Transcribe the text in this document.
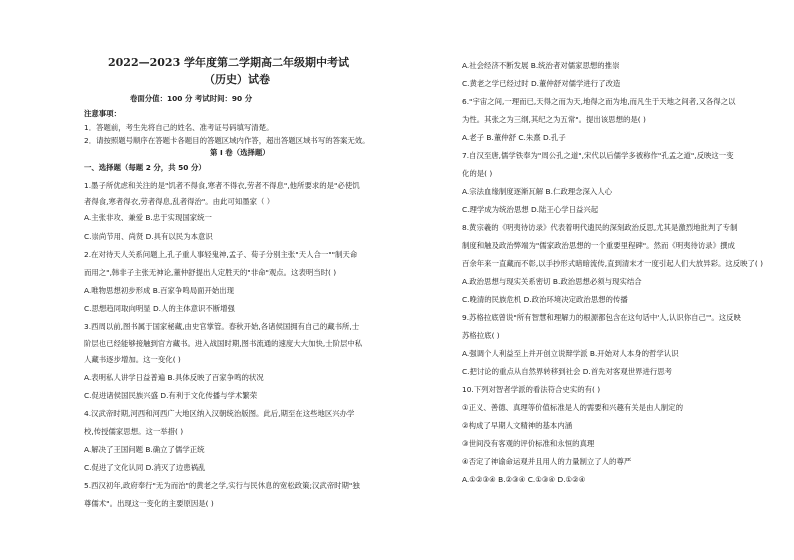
2022—2023 学年度第二学期高二年级期中考试
（历史）试卷
卷面分值：100 分 考试时间：90 分
注意事项：
1．答题前，考生先将自己的姓名、准考证号码填写清楚。
2．请按照题号顺序在答题卡各题目的答题区域内作答，超出答题区域书写的答案无效。
第 I 卷（选择题）
一、选择题（每题 2 分，共 50 分）
1.墨子所优虑和关注的是"饥者不得食,寒者不得衣,劳者不得息",他所要求的是"必使饥
者得食,寒者得衣,劳者得息,乱者得治"。由此可知墨家（ ）
A.主张非攻、兼爱 B.忠于实现国家统一
C.崇尚节用、尚贤 D.具有以民为本意识
2.在对待天人关系问题上,孔子重人事轻鬼神,孟子、荀子分别主张"天人合一""制天命
而用之",韩非子主张无神论,董仲舒提出人定胜天的"非命"观点。这表明当时( )
A.唯物思想初步形成 B.百家争鸣局面开始出现
C.思想趋同取向明显 D.人的主体意识不断增强
3.西周以前,图书属于国家秘藏,由史官掌管。春秋开始,各诸侯国拥有自己的藏书所,士
阶层也已经能够接触到官方藏书。进入战国时期,图书流通的速度大大加快,士阶层中私
人藏书逐步增加。这一变化( )
A.表明私人讲学日益普遍 B.具体反映了百家争鸣的状况
C.促进诸侯国民族兴盛 D.有利于文化传播与学术繁荣
4.汉武帝时期,河西和河西广大地区纳入汉朝统治版图。此后,期至在这些地区兴办学
校,传授儒家思想。这一举措( )
A.解决了王国问题 B.确立了儒学正统
C.促进了文化认同 D.消灭了边患祸乱
5.西汉初年,政府奉行"无为而治"的黄老之学,实行与民休息的宽松政策;汉武帝时期"独
尊儒术"。出现这一变化的主要原因是( )
A.社会经济不断发展 B.统治者对儒家思想的推崇
C.黄老之学已经过时 D.董仲舒对儒学进行了改造
6."宇宙之间,一理而已,天得之而为天,地得之而为地,而凡生于天地之间者,又各得之以
为性。其张之为三纲,其纪之为五常"。提出该思想的是( )
A.老子 B.董仲舒 C.朱熹 D.孔子
7.自汉至唐,儒学铁奉为"周公孔之道",宋代以后儒学多被称作"孔孟之道",反映这一变
化的是( )
A.宗法血缘制度逐渐瓦解 B.仁政理念深入人心
C.理学成为统治思想 D.陆王心学日益兴起
8.黄宗羲的《明夷待访录》代表着明代遗民的深刻政治反思,尤其是激烈地批判了专制
制度和触及政治弊端为"儒家政治思想的一个重要里程碑"。然而《明夷待访录》撰成
百余年来一直藏而不彰,以手抄形式暗暗流传,直到清末才一度引起人们大放异彩。这反映了( )
A.政治思想与现实关系密切 B.政治思想必须与现实结合
C.晚清的民族危机 D.政治环境决定政治思想的传播
9.苏格拉底曾说"所有智慧和理解力的根源都包含在这句话中'人,认识你自己'"。这反映
苏格拉底( )
A.强调个人利益至上并开创立说辩学派 B.开始对人本身的哲学认识
C.把讨论的重点从自然界转移到社会 D.首先对客观世界进行思考
10.下列对智者学派的看法符合史实的有( )
①正义、善德、真理等价值标准是人的需要和兴趣有关是由人制定的
②构成了早期人文精神的基本内涵
③世间没有客观的评价标准和永恒的真理
④否定了神谕命运观并且用人的力量制立了人的尊严
A.①②③④ B.②③④ C.①③④ D.①②④
